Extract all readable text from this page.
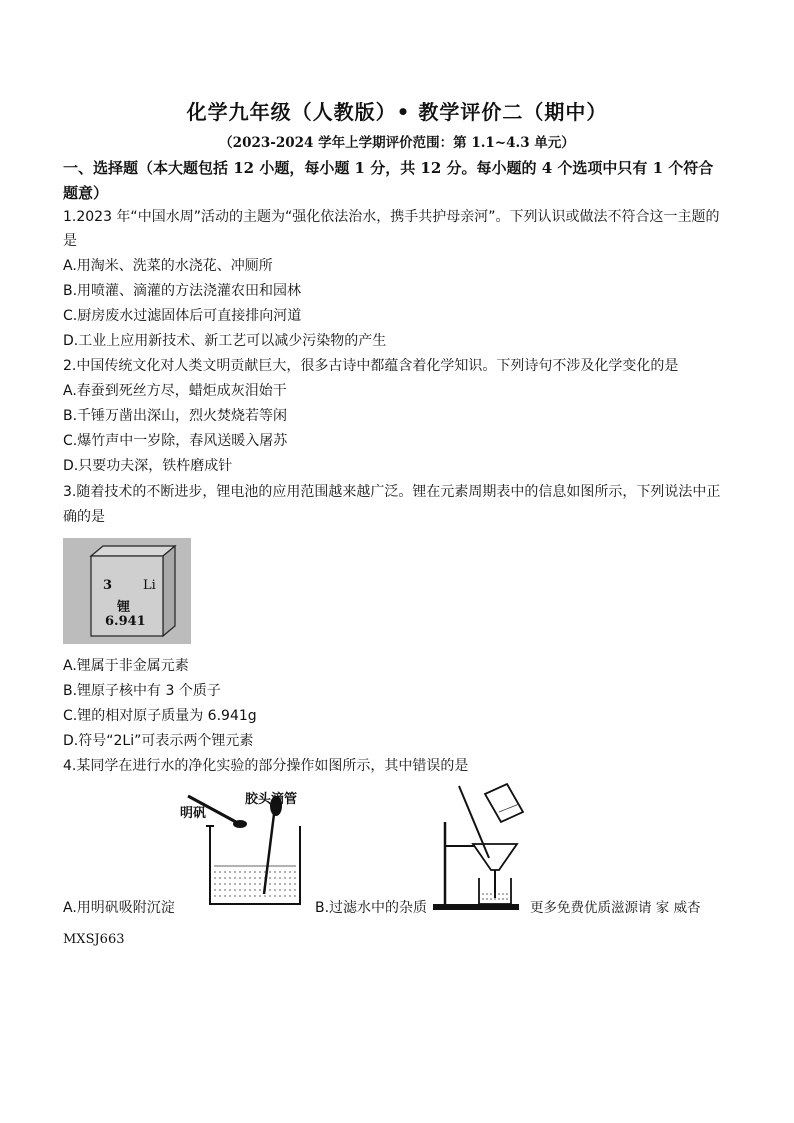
化学九年级（人教版）• 教学评价二（期中）
（2023-2024 学年上学期评价范围：第 1.1~4.3 单元）
一、选择题（本大题包括 12 小题，每小题 1 分，共 12 分。每小题的 4 个选项中只有 1 个符合
题意）
1.2023 年“中国水周”活动的主题为“强化依法治水，携手共护母亲河”。下列认识或做法不符合这一主题的
是
A.用淘米、洗菜的水浇花、冲厕所
B.用喷灌、滴灌的方法浇灌农田和园林
C.厨房废水过滤固体后可直接排向河道
D.工业上应用新技术、新工艺可以减少污染物的产生
2.中国传统文化对人类文明贡献巨大，很多古诗中都蕴含着化学知识。下列诗句不涉及化学变化的是
A.春蚕到死丝方尽，蜡炬成灰泪始干
B.千锤万凿出深山，烈火焚烧若等闲
C.爆竹声中一岁除，春风送暖入屠苏
D.只要功夫深，铁杵磨成针
3.随着技术的不断进步，锂电池的应用范围越来越广泛。锂在元素周期表中的信息如图所示，下列说法中正
确的是
3 Li
锂
6.941
A.锂属于非金属元素
B.锂原子核中有 3 个质子
C.锂的相对原子质量为 6.941g
D.符号“2Li”可表示两个锂元素
4.某同学在进行水的净化实验的部分操作如图所示，其中错误的是
明矾
胶头滴管
A.用明矾吸附沉淀	B.过滤水中的杂质	更多免费优质滋源请 家 威杏
MXSJ663
